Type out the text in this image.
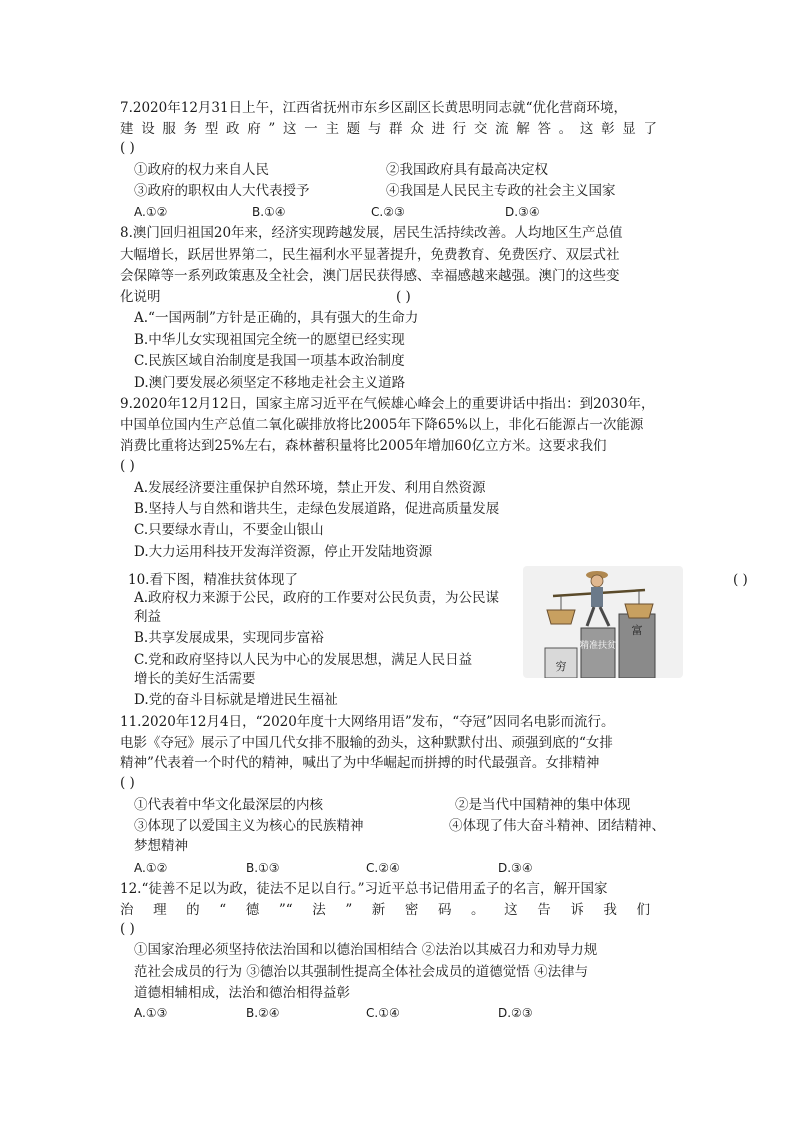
7.2020年12月31日上午，江西省抚州市东乡区副区长黄思明同志就“优化营商环境，
建设服务型政府”这一主题与群众进行交流解答。这彰显了
( )
①政府的权力来自人民	②我国政府具有最高决定权
③政府的职权由人大代表授予	④我国是人民民主专政的社会主义国家
A.①②	B.①④	C.②③	D.③④
8.澳门回归祖国20年来，经济实现跨越发展，居民生活持续改善。人均地区生产总值
大幅增长，跃居世界第二，民生福利水平显著提升，免费教育、免费医疗、双层式社
会保障等一系列政策惠及全社会，澳门居民获得感、幸福感越来越强。澳门的这些变
化说明	( )
A.“一国两制”方针是正确的，具有强大的生命力
B.中华儿女实现祖国完全统一的愿望已经实现
C.民族区域自治制度是我国一项基本政治制度
D.澳门要发展必须坚定不移地走社会主义道路
9.2020年12月12日，国家主席习近平在气候雄心峰会上的重要讲话中指出：到2030年，
中国单位国内生产总值二氧化碳排放将比2005年下降65%以上，非化石能源占一次能源
消费比重将达到25%左右，森林蓄积量将比2005年增加60亿立方米。这要求我们
( )
A.发展经济要注重保护自然环境，禁止开发、利用自然资源
B.坚持人与自然和谐共生，走绿色发展道路，促进高质量发展
C.只要绿水青山，不要金山银山
D.大力运用科技开发海洋资源，停止开发陆地资源
10.看下图，精准扶贫体现了	( )
A.政府权力来源于公民，政府的工作要对公民负责，为公民谋
利益
B.共享发展成果，实现同步富裕
C.党和政府坚持以人民为中心的发展思想，满足人民日益
增长的美好生活需要
D.党的奋斗目标就是增进民生福祉
穷
精准扶贫
富
11.2020年12月4日，“2020年度十大网络用语”发布，“夺冠”因同名电影而流行。
电影《夺冠》展示了中国几代女排不服输的劲头，这种默默付出、顽强到底的“女排
精神”代表着一个时代的精神，喊出了为中华崛起而拼搏的时代最强音。女排精神
( )
①代表着中华文化最深层的内核	②是当代中国精神的集中体现
③体现了以爱国主义为核心的民族精神	④体现了伟大奋斗精神、团结精神、
梦想精神
A.①②	B.①③	C.②④	D.③④
12.“徒善不足以为政，徒法不足以自行。”习近平总书记借用孟子的名言，解开国家
治理的“德”“法”新密码。这告诉我们
( )
①国家治理必须坚持依法治国和以德治国相结合 ②法治以其威召力和劝导力规
范社会成员的行为 ③德治以其强制性提高全体社会成员的道德觉悟 ④法律与
道德相辅相成，法治和德治相得益彰
A.①③	B.②④	C.①④	D.②③
